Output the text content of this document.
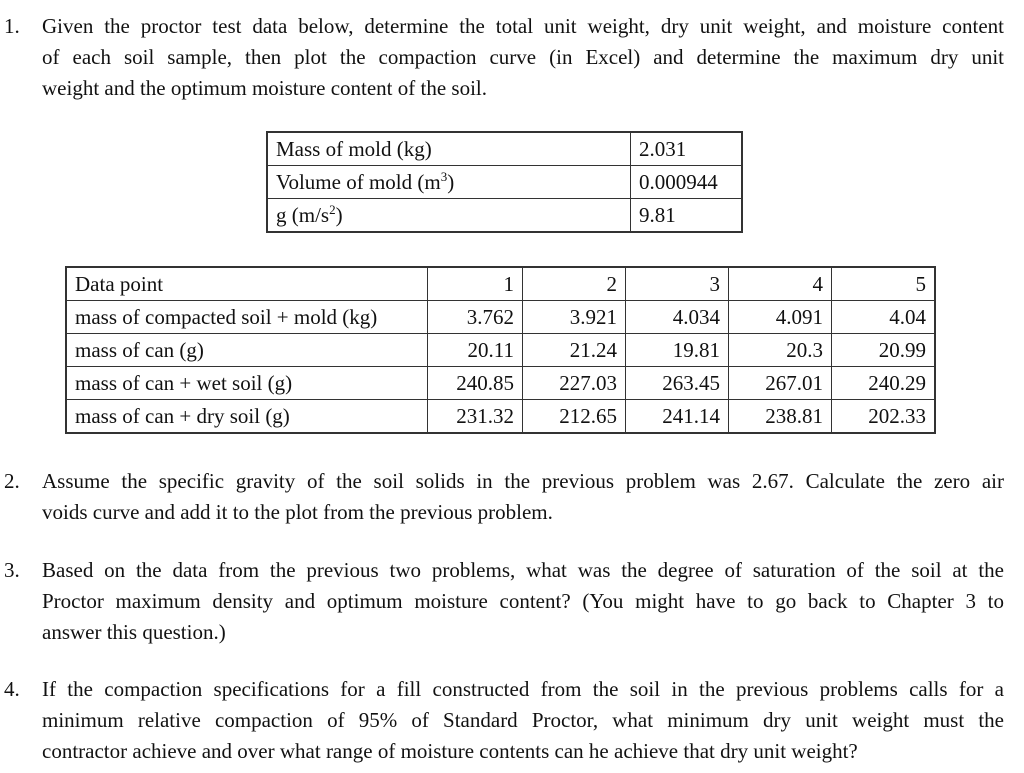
1. Given the proctor test data below, determine the total unit weight, dry unit weight, and moisture content
of each soil sample, then plot the compaction curve (in Excel) and determine the maximum dry unit
weight and the optimum moisture content of the soil.
Mass of mold (kg)	2.031
Volume of mold $(m^3)$	0.000944
g $(m/s^2)$	9.81
Data point	1	2	3	4	5
mass of compacted soil + mold (kg)	3.762	3.921	4.034	4.091	4.04
mass of can (g)	20.11	21.24	19.81	20.3	20.99
mass of can + wet soil (g)	240.85	227.03	263.45	267.01	240.29
mass of can + dry soil (g)	231.32	212.65	241.14	238.81	202.33
2. Assume the specific gravity of the soil solids in the previous problem was 2.67. Calculate the zero air
voids curve and add it to the plot from the previous problem.
3. Based on the data from the previous two problems, what was the degree of saturation of the soil at the
Proctor maximum density and optimum moisture content? (You might have to go back to Chapter 3 to
answer this question.)
4. If the compaction specifications for a fill constructed from the soil in the previous problems calls for a
minimum relative compaction of 95% of Standard Proctor, what minimum dry unit weight must the
contractor achieve and over what range of moisture contents can he achieve that dry unit weight?
